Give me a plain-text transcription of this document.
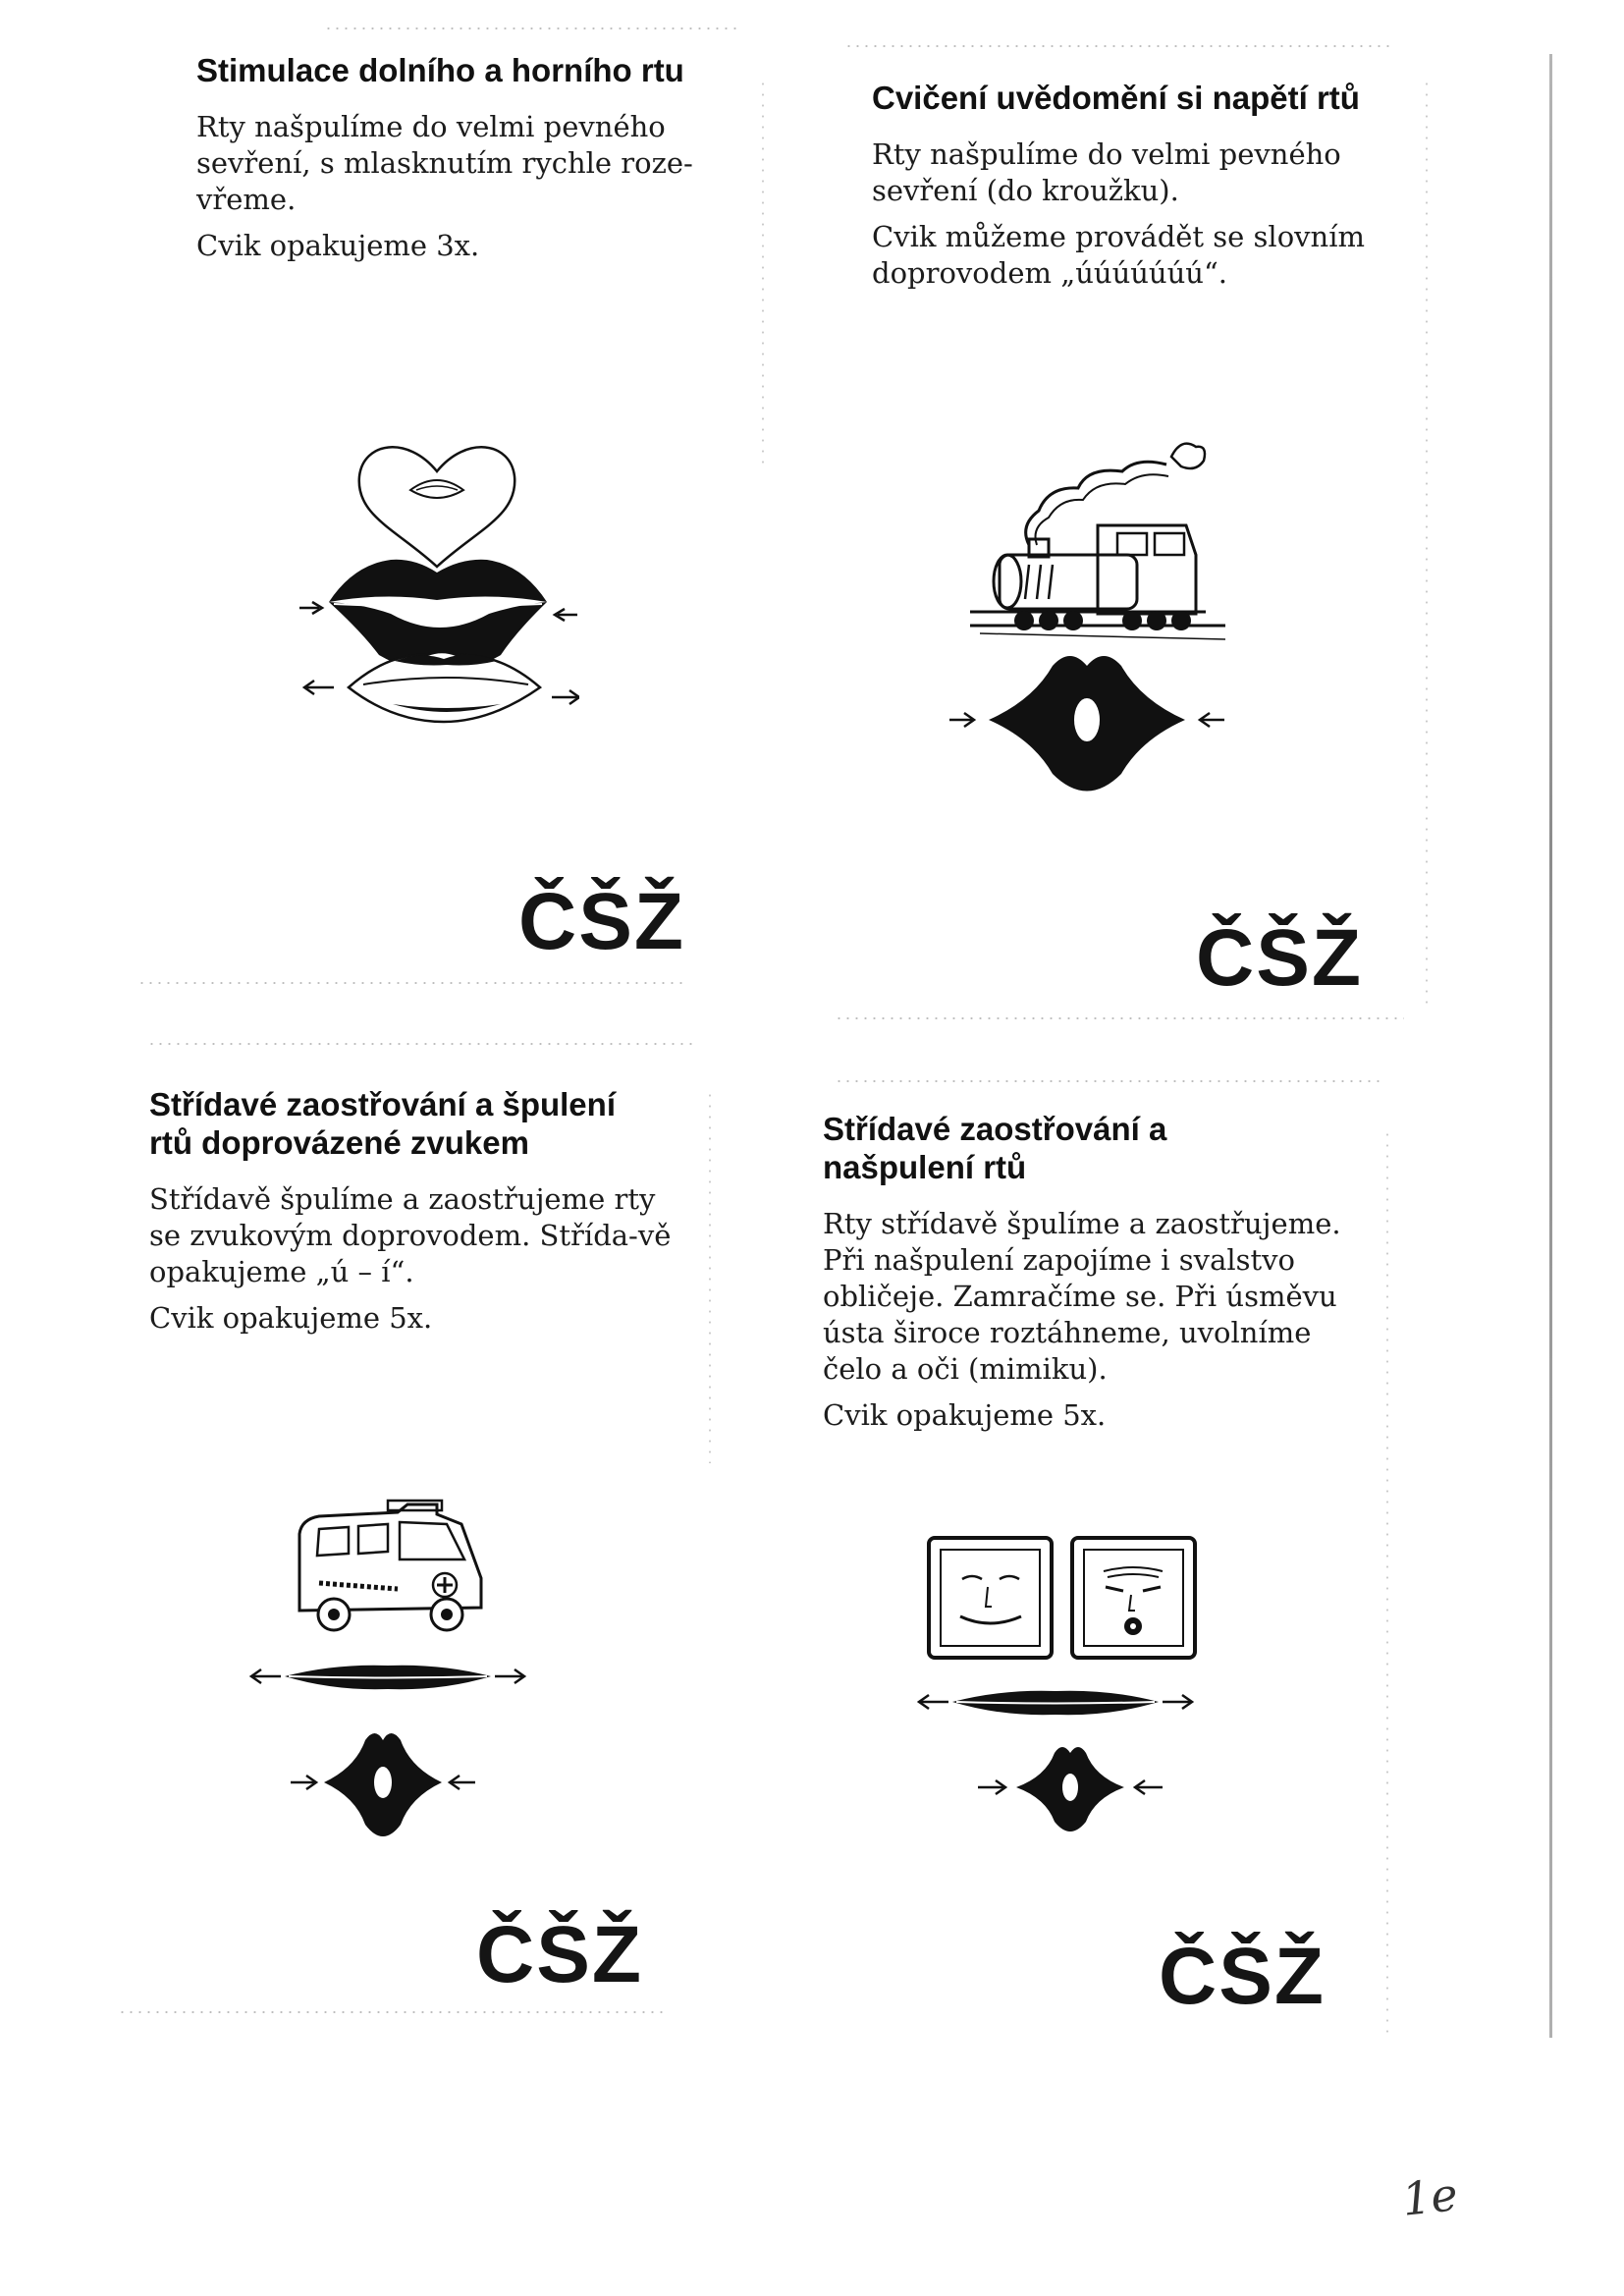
Stimulace dolního a horního rtu

Rty našpulíme do velmi pevného sevření, s mlasknutím rychle roze-vřeme.

Cvik opakujeme 3x.

ČŠŽ
Cvičení uvědomění si napětí rtů

Rty našpulíme do velmi pevného sevření (do kroužku).

Cvik můžeme provádět se slovním doprovodem „úúúúúúú“.

ČŠŽ
Střídavé zaostřování a špulení rtů doprovázené zvukem

Střídavě špulíme a zaostřujeme rty se zvukovým doprovodem. Střída-vě opakujeme „ú – í“.

Cvik opakujeme 5x.

ČŠŽ
Střídavé zaostřování a našpulení rtů

Rty střídavě špulíme a zaostřujeme. Při našpulení zapojíme i svalstvo obličeje. Zamračíme se. Při úsměvu ústa široce roztáhneme, uvolníme čelo a oči (mimiku).

Cvik opakujeme 5x.

ČŠŽ
1e
